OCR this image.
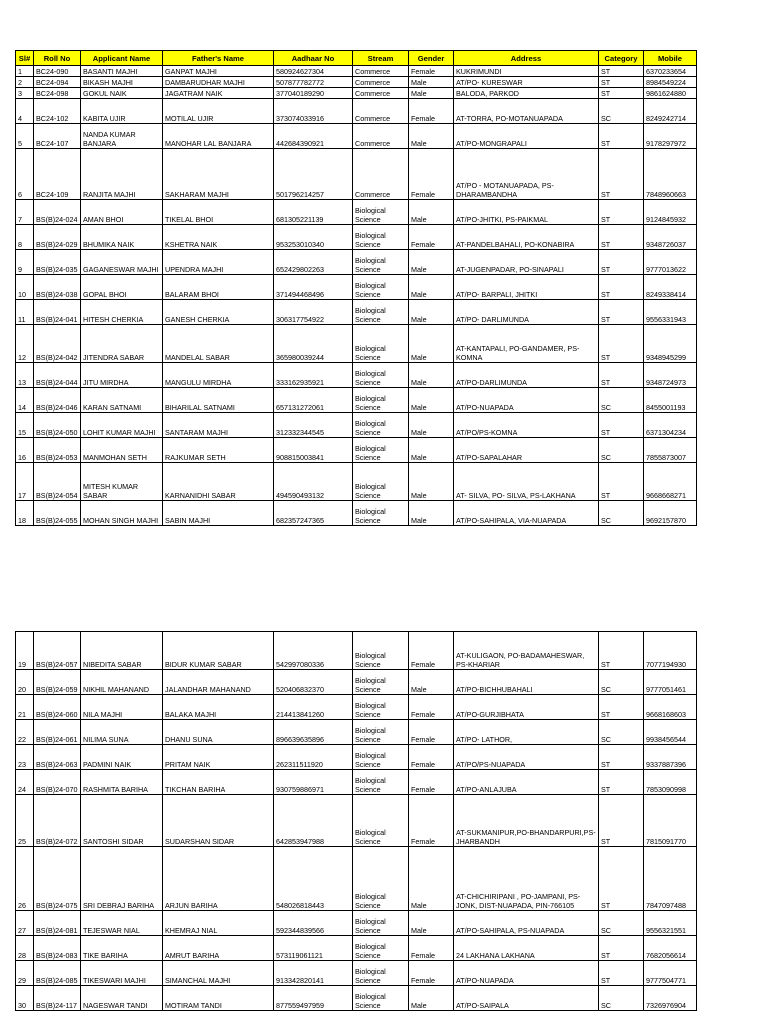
Sl#	Roll No	Applicant Name	Father's Name	Aadhaar No	Stream	Gender	Address	Category	Mobile
1	BC24-090	BASANTI MAJHI	GANPAT MAJHI	580924627304	Commerce	Female	KUKRIMUNDI	ST	6370233654
2	BC24-094	BIKASH MAJHI	DAMBARUDHAR MAJHI	507877782772	Commerce	Male	AT/PO- KURESWAR	ST	8984549224
3	BC24-098	GOKUL NAIK	JAGATRAM NAIK	377040189290	Commerce	Male	BALODA, PARKOD	ST	9861624880
4	BC24-102	KABITA UJIR	MOTILAL UJIR	373074033916	Commerce	Female	AT-TORRA, PO-MOTANUAPADA	SC	8249242714
5	BC24-107	NANDA KUMAR BANJARA	MANOHAR LAL BANJARA	442684390921	Commerce	Male	AT/PO-MONGRAPALI	ST	9178297972
6	BC24-109	RANJITA MAJHI	SAKHARAM MAJHI	501796214257	Commerce	Female	AT/PO - MOTANUAPADA, PS-DHARAMBANDHA	ST	7848960663
7	BS(B)24-024	AMAN BHOI	TIKELAL BHOI	681305221139	Biological Science	Male	AT/PO-JHITKI, PS-PAIKMAL	ST	9124845932
8	BS(B)24-029	BHUMIKA NAIK	KSHETRA NAIK	953253010340	Biological Science	Female	AT-PANDELBAHALI, PO-KONABIRA	ST	9348726037
9	BS(B)24-035	GAGANESWAR MAJHI	UPENDRA MAJHI	652429802263	Biological Science	Male	AT-JUGENPADAR, PO-SINAPALI	ST	9777013622
10	BS(B)24-038	GOPAL BHOI	BALARAM BHOI	371494468496	Biological Science	Male	AT/PO- BARPALI, JHITKI	ST	8249338414
11	BS(B)24-041	HITESH CHERKIA	GANESH CHERKIA	306317754922	Biological Science	Male	AT/PO- DARLIMUNDA	ST	9556331943
12	BS(B)24-042	JITENDRA SABAR	MANDELAL SABAR	365980039244	Biological Science	Male	AT-KANTAPALI, PO-GANDAMER, PS-KOMNA	ST	9348945299
13	BS(B)24-044	JITU MIRDHA	MANGULU MIRDHA	333162935921	Biological Science	Male	AT/PO-DARLIMUNDA	ST	9348724973
14	BS(B)24-046	KARAN SATNAMI	BIHARILAL SATNAMI	657131272061	Biological Science	Male	AT/PO-NUAPADA	SC	8455001193
15	BS(B)24-050	LOHIT KUMAR MAJHI	SANTARAM MAJHI	312332344545	Biological Science	Male	AT/PO/PS-KOMNA	ST	6371304234
16	BS(B)24-053	MANMOHAN SETH	RAJKUMAR SETH	908815003841	Biological Science	Male	AT/PO-SAPALAHAR	SC	7855873007
17	BS(B)24-054	MITESH KUMAR SABAR	KARNANIDHI SABAR	494590493132	Biological Science	Male	AT- SILVA, PO- SILVA, PS-LAKHANA	ST	9668668271
18	BS(B)24-055	MOHAN SINGH MAJHI	SABIN MAJHI	682357247365	Biological Science	Male	AT/PO-SAHIPALA, VIA-NUAPADA	SC	9692157870
19	BS(B)24-057	NIBEDITA SABAR	BIDUR KUMAR SABAR	542997080336	Biological Science	Female	AT-KULIGAON, PO-BADAMAHESWAR, PS-KHARIAR	ST	7077194930
20	BS(B)24-059	NIKHIL MAHANAND	JALANDHAR MAHANAND	520406832370	Biological Science	Male	AT/PO-BICHHUBAHALI	SC	9777051461
21	BS(B)24-060	NILA MAJHI	BALAKA MAJHI	214413841260	Biological Science	Female	AT/PO-GURJIBHATA	ST	9668168603
22	BS(B)24-061	NILIMA SUNA	DHANU SUNA	896639635896	Biological Science	Female	AT/PO- LATHOR,	SC	9938456544
23	BS(B)24-063	PADMINI NAIK	PRITAM NAIK	262311511920	Biological Science	Female	AT/PO/PS-NUAPADA	ST	9337887396
24	BS(B)24-070	RASHMITA BARIHA	TIKCHAN BARIHA	930759886971	Biological Science	Female	AT/PO-ANLAJUBA	ST	7853090998
25	BS(B)24-072	SANTOSHI SIDAR	SUDARSHAN SIDAR	642853947988	Biological Science	Female	AT-SUKMANIPUR,PO-BHANDARPURI,PS-JHARBANDH	ST	7815091770
26	BS(B)24-075	SRI DEBRAJ BARIHA	ARJUN BARIHA	548026818443	Biological Science	Male	AT-CHICHIRIPANI , PO-JAMPANI, PS-JONK, DIST-NUAPADA, PIN-766105	ST	7847097488
27	BS(B)24-081	TEJESWAR NIAL	KHEMRAJ NIAL	592344839566	Biological Science	Male	AT/PO-SAHIPALA, PS-NUAPADA	SC	9556321551
28	BS(B)24-083	TIKE BARIHA	AMRUT BARIHA	573119061121	Biological Science	Female	24 LAKHANA LAKHANA	ST	7682056614
29	BS(B)24-085	TIKESWARI MAJHI	SIMANCHAL MAJHI	913342820141	Biological Science	Female	AT/PO-NUAPADA	ST	9777504771
30	BS(B)24-117	NAGESWAR TANDI	MOTIRAM TANDI	877559497959	Biological Science	Male	AT/PO-SAIPALA	SC	7326976904
